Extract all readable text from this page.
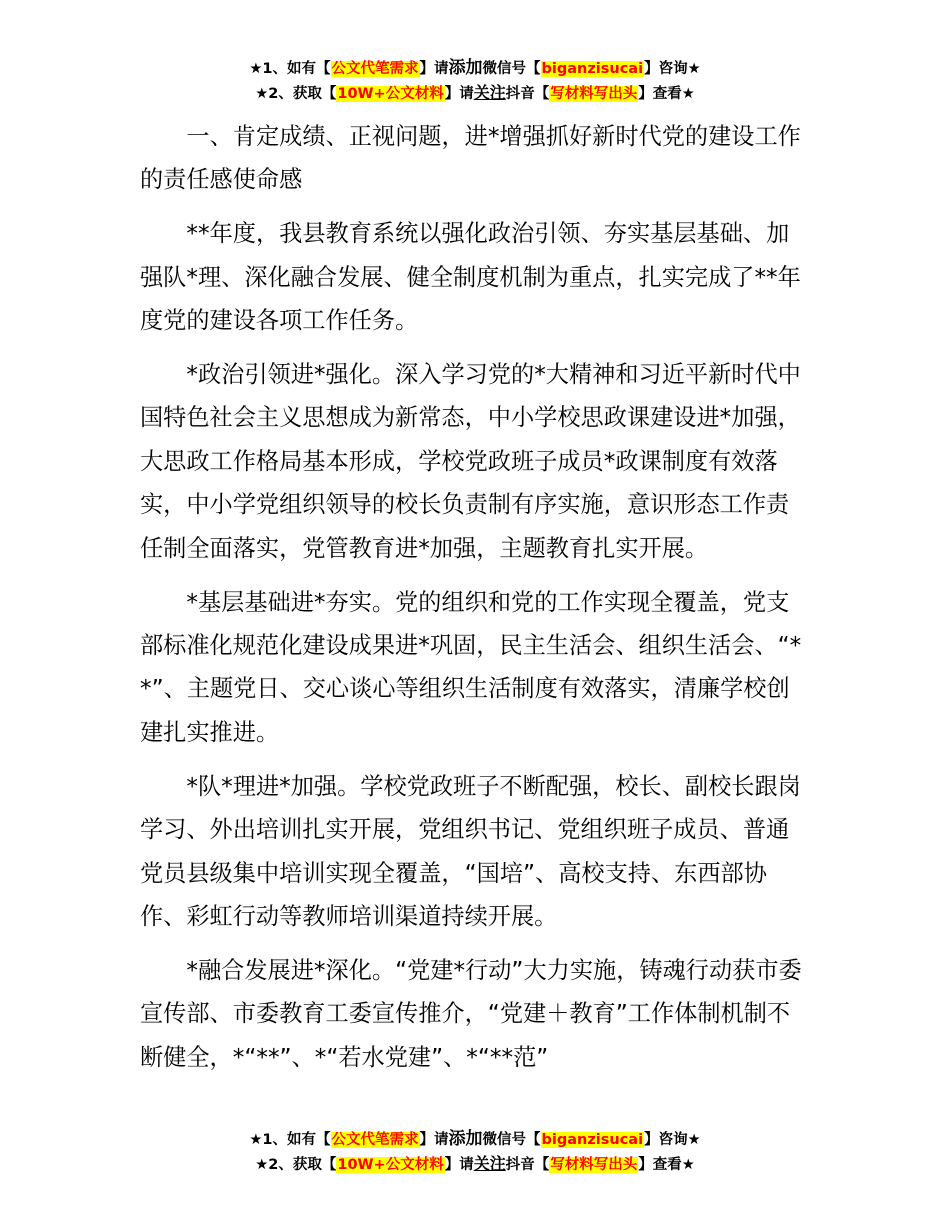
★1、如有【公文代笔需求】请添加微信号【biganzisucai】咨询★
★2、获取【10W+公文材料】请关注抖音【写材料写出头】查看★

一、肯定成绩、正视问题，进*增强抓好新时代党的建设工作的责任感使命感

**年度，我县教育系统以强化政治引领、夯实基层基础、加强队*理、深化融合发展、健全制度机制为重点，扎实完成了**年度党的建设各项工作任务。

*政治引领进*强化。深入学习党的*大精神和习近平新时代中国特色社会主义思想成为新常态，中小学校思政课建设进*加强，大思政工作格局基本形成，学校党政班子成员*政课制度有效落实，中小学党组织领导的校长负责制有序实施，意识形态工作责任制全面落实，党管教育进*加强，主题教育扎实开展。

*基层基础进*夯实。党的组织和党的工作实现全覆盖，党支部标准化规范化建设成果进*巩固，民主生活会、组织生活会、“**”、主题党日、交心谈心等组织生活制度有效落实，清廉学校创建扎实推进。

*队*理进*加强。学校党政班子不断配强，校长、副校长跟岗学习、外出培训扎实开展，党组织书记、党组织班子成员、普通党员县级集中培训实现全覆盖，“国培”、高校支持、东西部协作、彩虹行动等教师培训渠道持续开展。

*融合发展进*深化。“党建*行动”大力实施，铸魂行动获市委宣传部、市委教育工委宣传推介，“党建＋教育”工作体制机制不断健全，*“**”、*“若水党建”、*“**范”

★1、如有【公文代笔需求】请添加微信号【biganzisucai】咨询★
★2、获取【10W+公文材料】请关注抖音【写材料写出头】查看★
